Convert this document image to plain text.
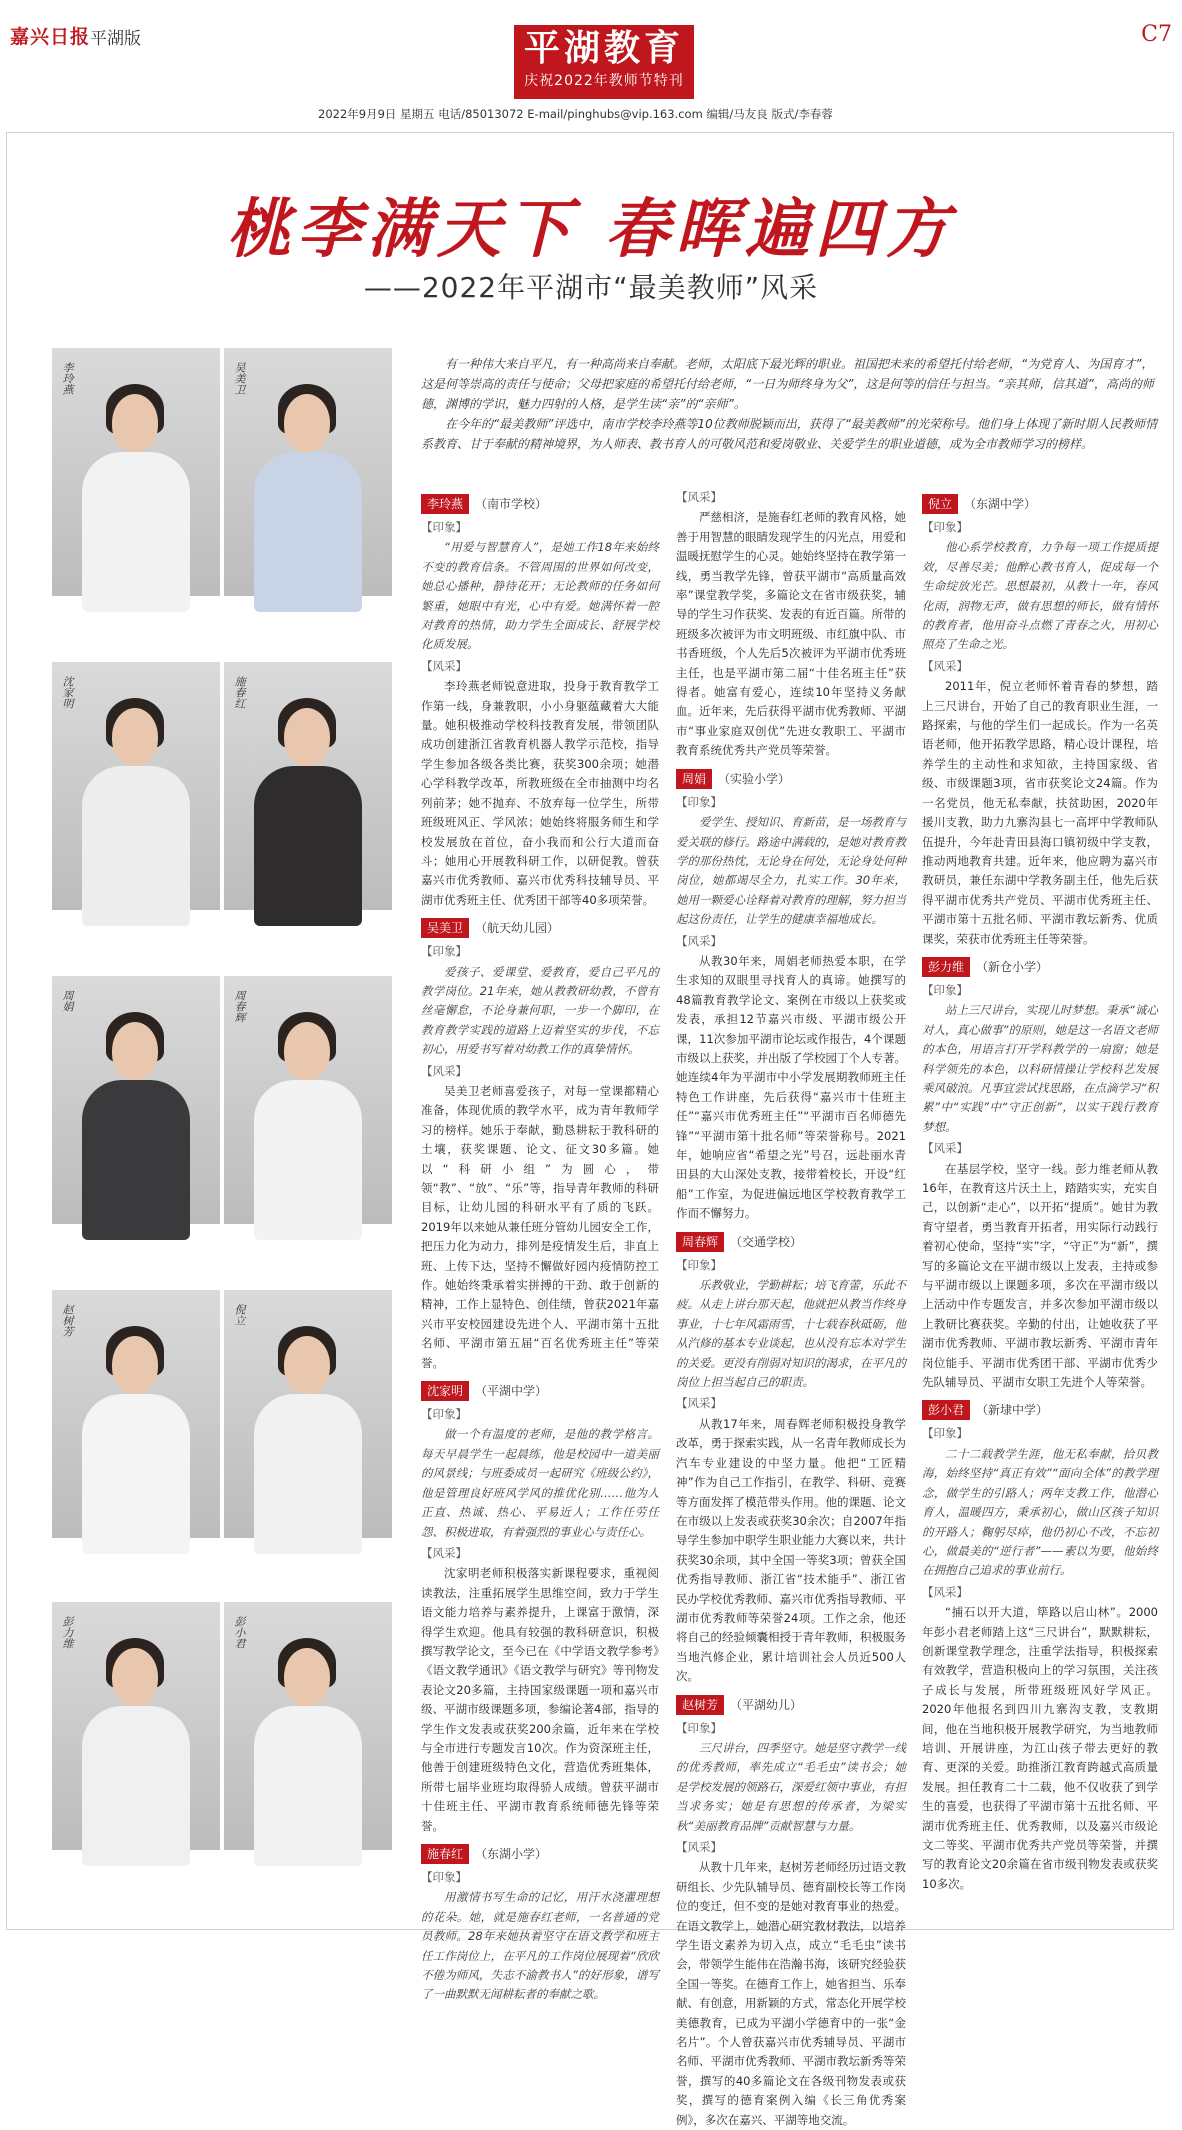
嘉兴日报 平湖版	平湖教育
庆祝2022年教师节特刊
C7
2022年9月9日 星期五 电话/85013072 E-mail/pinghubs@vip.163.com 编辑/马友良 版式/李春蓉
桃李满天下 春晖遍四方
——2022年平湖市“最美教师”风采
李玲燕	吴美卫
沈家明	施春红
周娟	周春辉
赵树芳	倪立
彭力维	彭小君

有一种伟大来自平凡，有一种高尚来自奉献。老师，太阳底下最光辉的职业。祖国把未来的希望托付给老师，“为党育人、为国育才”，这是何等崇高的责任与使命；父母把家庭的希望托付给老师，“一日为师终身为父”，这是何等的信任与担当。“亲其师，信其道”，高尚的师德，渊博的学识，魅力四射的人格，是学生读“亲”的“亲师”。

在今年的“最美教师”评选中，南市学校李玲燕等10位教师脱颖而出，获得了“最美教师”的光荣称号。他们身上体现了新时期人民教师情系教育、甘于奉献的精神境界，为人师表、教书育人的可敬风范和爱岗敬业、关爱学生的职业道德，成为全市教师学习的榜样。

李玲燕 （南市学校）
【印象】

“用爱与智慧育人”，是她工作18年来始终不变的教育信条。不管周围的世界如何改变，她总心播种，静待花开；无论教师的任务如何繁重，她眼中有光，心中有爱。她满怀着一腔对教育的热情，助力学生全面成长、舒展学校化质发展。

【风采】

李玲燕老师锐意进取，投身于教育教学工作第一线，身兼教职，小小身躯蕴藏着大大能量。她积极推动学校科技教育发展，带领团队成功创建浙江省教育机器人教学示范校，指导学生参加各级各类比赛，获奖300余项；她潜心学科教学改革，所教班级在全市抽测中均名列前茅；她不抛弃、不放弃每一位学生，所带班级班风正、学风浓；她始终将服务师生和学校发展放在首位，奋小我而和公行大道而奋斗；她用心开展教科研工作，以研促教。曾获嘉兴市优秀教师、嘉兴市优秀科技辅导员、平湖市优秀班主任、优秀团干部等40多项荣誉。

吴美卫 （航天幼儿园）
【印象】

爱孩子、爱课堂、爱教育，爱自己平凡的教学岗位。21年来，她从教教研幼教，不曾有丝毫懈怠，不论身兼何职，一步一个脚印，在教育教学实践的道路上迈着坚实的步伐，不忘初心，用爱书写着对幼教工作的真挚情怀。

【风采】

吴美卫老师喜爱孩子，对每一堂课都精心准备，体现优质的教学水平，成为青年教师学习的榜样。她乐于奉献，勤恳耕耘于教科研的土壤，获奖课题、论文、征文30多篇。她以“科研小组”为圆心，带领“教”、“放”、“乐”等，指导青年教师的科研目标，让幼儿园的科研水平有了质的飞跃。2019年以来她从兼任班分管幼儿园安全工作，把压力化为动力，排列是疫情发生后，非直上班、上传下达，坚持不懈做好园内疫情防控工作。她始终秉承着实拼搏的干劲、敢于创新的精神，工作上显特色、创佳绩，曾获2021年嘉兴市平安校园建设先进个人、平湖市第十五批名师、平湖市第五届“百名优秀班主任”等荣誉。

沈家明 （平湖中学）
【印象】

做一个有温度的老师，是他的教学格言。每天早晨学生一起晨练，他是校园中一道美丽的风景线；与班委成员一起研究《班级公约》，他是管理良好班风学风的推优化别……他为人正直、热诚、热心、平易近人；工作任劳任怨、积极进取，有着强烈的事业心与责任心。

【风采】

沈家明老师积极落实新课程要求，重视阅读教法，注重拓展学生思维空间，致力于学生语文能力培养与素养提升，上课富于激情，深得学生欢迎。他具有较强的教科研意识，积极撰写教学论文，至今已在《中学语文教学参考》《语文教学通讯》《语文教学与研究》等刊物发表论文20多篇，主持国家级课题一项和嘉兴市级、平湖市级课题多项，参编论著4部，指导的学生作文发表或获奖200余篇，近年来在学校与全市进行专题发言10次。作为资深班主任，他善于创建班级特色文化，营造优秀班集体，所带七届毕业班均取得骄人成绩。曾获平湖市十佳班主任、平湖市教育系统师德先锋等荣誉。

施春红 （东湖小学）
【印象】

用激情书写生命的记忆，用汗水浇灌理想的花朵。她，就是施春红老师，一名普通的党员教师。28年来她执着坚守在语文教学和班主任工作岗位上，在平凡的工作岗位展现着“欣欣不倦为师风，失志不渝教书人”的好形象，谱写了一曲默默无闻耕耘者的奉献之歌。

【风采】

严慈相济，是施春红老师的教育风格，她善于用智慧的眼睛发现学生的闪光点，用爱和温暖抚慰学生的心灵。她始终坚持在教学第一线，勇当教学先锋，曾获平湖市“高质量高效率”课堂教学奖，多篇论文在省市级获奖，辅导的学生习作获奖、发表的有近百篇。所带的班级多次被评为市文明班级、市红旗中队、市书香班级，个人先后5次被评为平湖市优秀班主任，也是平湖市第二届“十佳名班主任”获得者。她富有爱心，连续10年坚持义务献血。近年来，先后获得平湖市优秀教师、平湖市“事业家庭双创优”先进女教职工、平湖市教育系统优秀共产党员等荣誉。

周娟 （实验小学）
【印象】

爱学生、授知识、育新苗，是一场教育与爱关联的修行。路途中满载的，是她对教育教学的那份热忱，无论身在何处，无论身处何种岗位，她都竭尽全力，扎实工作。30年来，她用一颗爱心诠释着对教育的理解，努力担当起这份责任，让学生的健康幸福地成长。

【风采】

从教30年来，周娟老师热爱本职，在学生求知的双眼里寻找育人的真谛。她撰写的48篇教育教学论文、案例在市级以上获奖或发表，承担12节嘉兴市级、平湖市级公开课，11次参加平湖市论坛或作报告，4个课题市级以上获奖，并出版了学校园丁个人专著。她连续4年为平湖市中小学发展期教师班主任特色工作讲座，先后获得“嘉兴市十佳班主任”“嘉兴市优秀班主任”“平湖市百名师德先锋”“平湖市第十批名师”等荣誉称号。2021年，她响应省“希望之光”号召，远赴丽水青田县的大山深处支教，接带着校长，开设“红船”工作室，为促进偏远地区学校教育教学工作而不懈努力。

周春辉 （交通学校）
【印象】

乐教敬业，学勤耕耘；培飞育蕾，乐此不疲。从走上讲台那天起，他就把从教当作终身事业，十七年风霜雨雪，十七载春秋砥砺，他从汽修的基本专业谈起，也从没有忘本对学生的关爱。更没有削弱对知识的渴求，在平凡的岗位上担当起自己的职责。

【风采】

从教17年来，周春辉老师积极投身教学改革，勇于探索实践，从一名青年教师成长为汽车专业建设的中坚力量。他把“工匠精神”作为自己工作指引，在教学、科研、竞赛等方面发挥了模范带头作用。他的课题、论文在市级以上发表或获奖30余次；自2007年指导学生参加中职学生职业能力大赛以来，共计获奖30余项，其中全国一等奖3项；曾获全国优秀指导教师、浙江省“技术能手”、浙江省民办学校优秀教师、嘉兴市优秀指导教师、平湖市优秀教师等荣誉24项。工作之余，他还将自己的经验倾囊相授于青年教师，积极服务当地汽修企业，累计培训社会人员近500人次。

赵树芳 （平湖幼儿）
【印象】

三尺讲台，四季坚守。她是坚守教学一线的优秀教师，率先成立“毛毛虫”读书会；她是学校发展的领路石，深爱红领中事业，有担当求务实；她是有思想的传承者，为梁实秋“美丽教育品牌”贡献智慧与力量。

【风采】

从教十几年来，赵树芳老师经历过语文教研组长、少先队辅导员、德育副校长等工作岗位的变迁，但不变的是她对教育事业的热爱。在语文教学上，她潜心研究教材教法，以培养学生语文素养为切入点，成立“毛毛虫”读书会，带领学生能伟在浩瀚书海，该研究经验获全国一等奖。在德育工作上，她省担当、乐奉献、有创意，用新颖的方式，常态化开展学校美德教育，已成为平湖小学德育中的一张“金名片”。个人曾获嘉兴市优秀辅导员、平湖市名师、平湖市优秀教师、平湖市教坛新秀等荣誉，撰写的40多篇论文在各级刊物发表或获奖，撰写的德育案例入编《长三角优秀案例》，多次在嘉兴、平湖等地交流。

倪立 （东湖中学）
【印象】

他心系学校教育，力争每一项工作提质提效，尽善尽美；他醉心教书育人，促成每一个生命绽放光芒。思想最初，从教十一年，春风化雨，润物无声，做有思想的师长，做有情怀的教育者，他用奋斗点燃了青春之火，用初心照亮了生命之光。

【风采】

2011年，倪立老师怀着青春的梦想，踏上三尺讲台，开始了自己的教育职业生涯，一路探索，与他的学生们一起成长。作为一名英语老师，他开拓教学思路，精心设计课程，培养学生的主动性和求知欲，主持国家级、省级、市级课题3项，省市获奖论文24篇。作为一名党员，他无私奉献，扶贫助困，2020年援川支教，助力九寨沟县七一高坪中学教师队伍提升，今年赴青田县海口镇初级中学支教，推动两地教育共建。近年来，他应聘为嘉兴市教研员，兼任东湖中学教务副主任，他先后获得平湖市优秀共产党员、平湖市优秀班主任、平湖市第十五批名师、平湖市教坛新秀、优质课奖，荣获市优秀班主任等荣誉。

彭力维 （新仓小学）
【印象】

站上三尺讲台，实现儿时梦想。秉承“诚心对人，真心做事”的原则，她是这一名语文老师的本色，用语言打开学科教学的一扇窗；她是科学领先的本色，以科研情操让学校科艺发展乘风破浪。凡事宜尝试找思路，在点滴学习“积累”中“实践”中“守正创新”，以实干践行教育梦想。

【风采】

在基层学校，坚守一线。彭力维老师从教16年，在教育这片沃土上，踏踏实实，充实自己，以创新“走心”，以开拓“提质”。她甘为教育守望者，勇当教育开拓者，用实际行动践行着初心使命，坚持“实”字，“守正”为“新”，撰写的多篇论文在平湖市级以上发表，主持或参与平湖市级以上课题多项，多次在平湖市级以上活动中作专题发言，并多次参加平湖市级以上教研比赛获奖。辛勤的付出，让她收获了平湖市优秀教师、平湖市教坛新秀、平湖市青年岗位能手、平湖市优秀团干部、平湖市优秀少先队辅导员、平湖市女职工先进个人等荣誉。

彭小君 （新埭中学）
【印象】

二十二载教学生涯，他无私奉献，拾贝教海，始终坚持“真正有效”“面向全体”的教学理念，做学生的引路人；两年支教工作，他潜心育人，温暖四方，秉承初心，做山区孩子知识的开路人；鞠躬尽瘁，他仍初心不改，不忘初心，做最美的“逆行者”——素以为要，他始终在拥抱自己追求的事业前行。

【风采】

“捕石以开大道，筚路以启山林”。2000年彭小君老师踏上这“三尺讲台”，默默耕耘，创新课堂教学理念，注重学法指导，积极探索有效教学，营造积极向上的学习氛围，关注孩子成长与发展，所带班级班风好学风正。2020年他报名到四川九寨沟支教，支教期间，他在当地积极开展教学研究，为当地教师培训、开展讲座，为江山孩子带去更好的教育、更深的关爱。助推浙江教育跨越式高质量发展。担任教育二十二载，他不仅收获了到学生的喜爱，也获得了平湖市第十五批名师、平湖市优秀班主任、优秀教师，以及嘉兴市级论文二等奖、平湖市优秀共产党员等荣誉，并撰写的教育论文20余篇在省市级刊物发表或获奖10多次。
